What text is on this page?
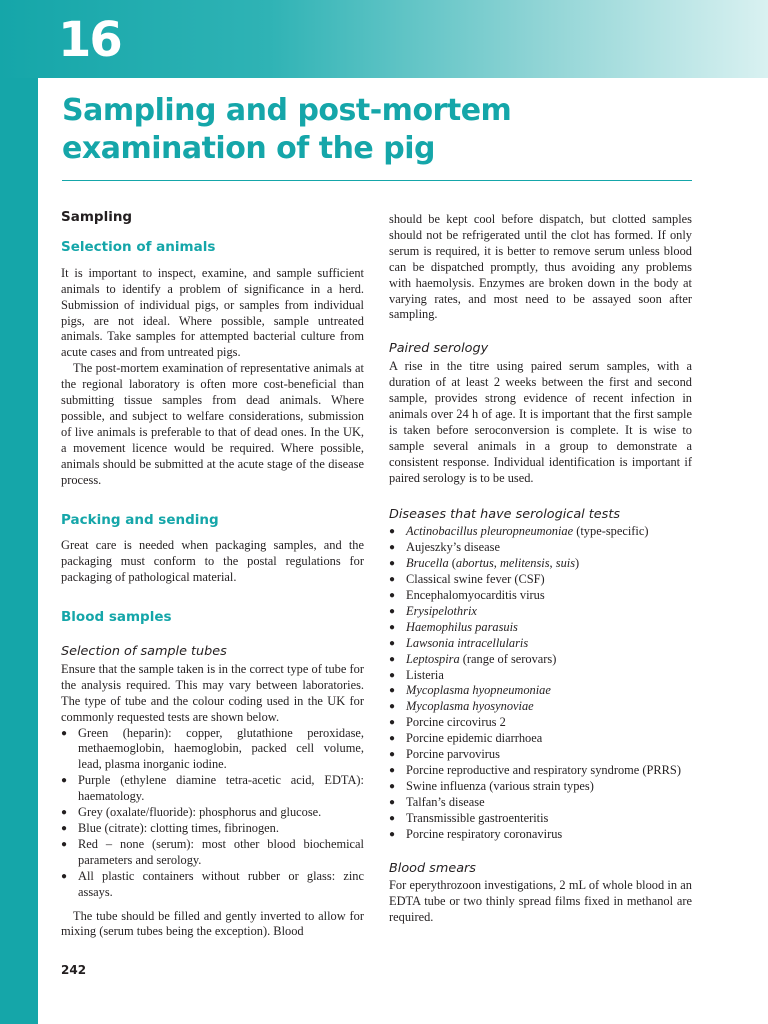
16
Sampling and post-mortem examination of the pig
Sampling
Selection of animals

It is important to inspect, examine, and sample sufficient animals to identify a problem of significance in a herd. Submission of individual pigs, or samples from individual pigs, are not ideal. Where possible, sample untreated animals. Take samples for attempted bacterial culture from acute cases and from untreated pigs.

The post-mortem examination of representative animals at the regional laboratory is often more cost-beneficial than submitting tissue samples from dead animals. Where possible, and subject to welfare considerations, submission of live animals is preferable to that of dead ones. In the UK, a movement licence would be required. Where possible, animals should be submitted at the acute stage of the disease process.

Packing and sending

Great care is needed when packaging samples, and the packaging must conform to the postal regulations for packaging of pathological material.

Blood samples
Selection of sample tubes

Ensure that the sample taken is in the correct type of tube for the analysis required. This may vary between laboratories. The type of tube and the colour coding used in the UK for commonly requested tests are shown below.

● Green (heparin): copper, glutathione peroxidase, methaemoglobin, haemoglobin, packed cell volume, lead, plasma inorganic iodine.
● Purple (ethylene diamine tetra-acetic acid, EDTA): haematology.
● Grey (oxalate/fluoride): phosphorus and glucose.
● Blue (citrate): clotting times, fibrinogen.
● Red – none (serum): most other blood biochemical parameters and serology.
● All plastic containers without rubber or glass: zinc assays.

The tube should be filled and gently inverted to allow for mixing (serum tubes being the exception). Blood

should be kept cool before dispatch, but clotted samples should not be refrigerated until the clot has formed. If only serum is required, it is better to remove serum unless blood can be dispatched promptly, thus avoiding any problems with haemolysis. Enzymes are broken down in the body at varying rates, and most need to be assayed soon after sampling.

Paired serology

A rise in the titre using paired serum samples, with a duration of at least 2 weeks between the first and second sample, provides strong evidence of recent infection in animals over 24 h of age. It is important that the first sample is taken before seroconversion is complete. It is wise to sample several animals in a group to demonstrate a consistent response. Individual identification is important if paired serology is to be used.

Diseases that have serological tests
● Actinobacillus pleuropneumoniae (type-specific)
● Aujeszky’s disease
● Brucella (abortus, melitensis, suis)
● Classical swine fever (CSF)
● Encephalomyocarditis virus
● Erysipelothrix
● Haemophilus parasuis
● Lawsonia intracellularis
● Leptospira (range of serovars)
● Listeria
● Mycoplasma hyopneumoniae
● Mycoplasma hyosynoviae
● Porcine circovirus 2
● Porcine epidemic diarrhoea
● Porcine parvovirus
● Porcine reproductive and respiratory syndrome (PRRS)
● Swine influenza (various strain types)
● Talfan’s disease
● Transmissible gastroenteritis
● Porcine respiratory coronavirus
Blood smears

For eperythrozoon investigations, 2 mL of whole blood in an EDTA tube or two thinly spread films fixed in methanol are required.

242
